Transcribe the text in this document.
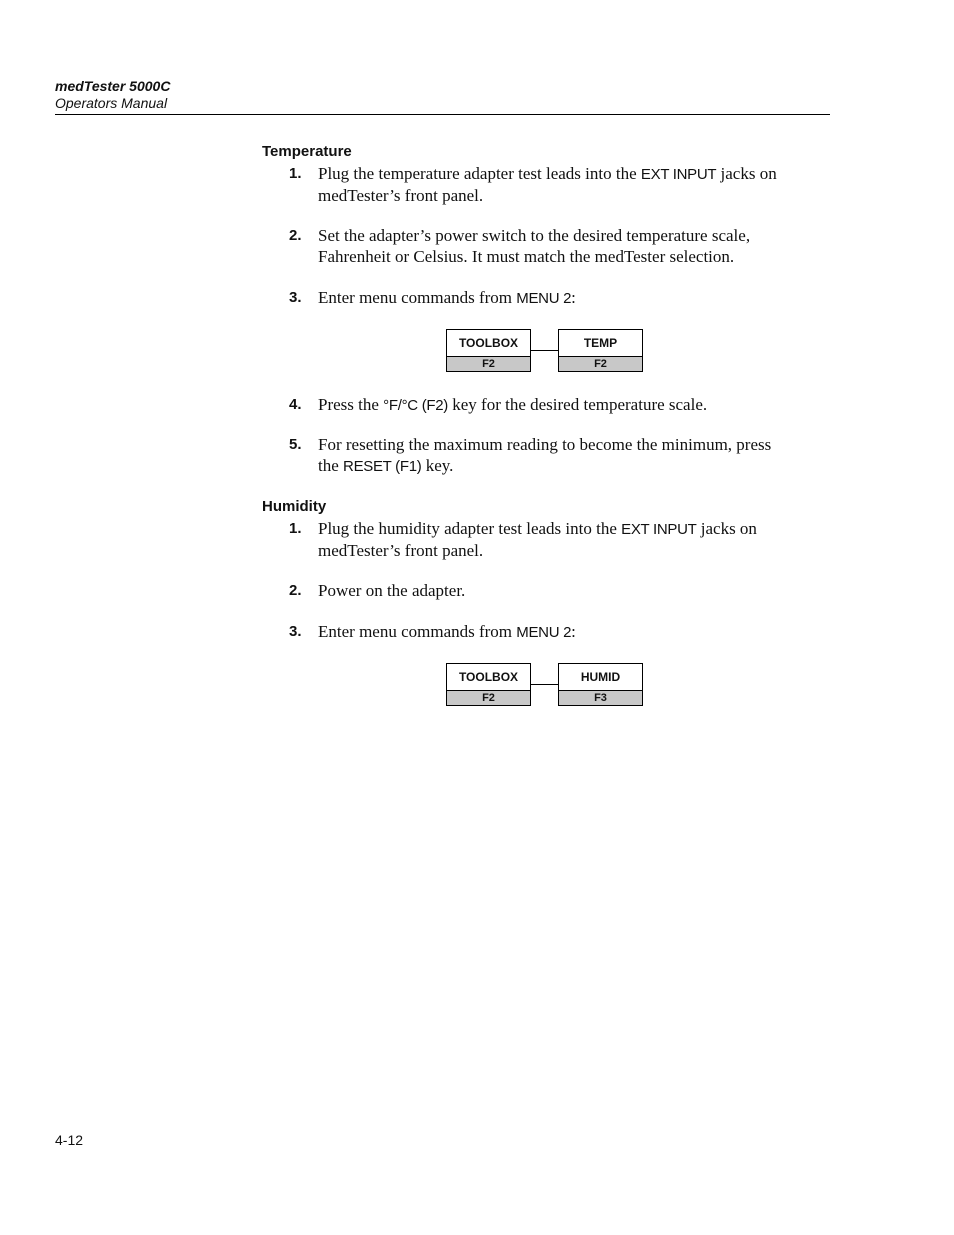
medTester 5000C
Operators Manual
Temperature
1. Plug the temperature adapter test leads into the EXT INPUT jacks on medTester’s front panel.
2. Set the adapter’s power switch to the desired temperature scale, Fahrenheit or Celsius. It must match the medTester selection.
3. Enter menu commands from MENU 2:
TOOLBOX
F2
TEMP
F2
4. Press the °F/°C (F2) key for the desired temperature scale.
5. For resetting the maximum reading to become the minimum, press the RESET (F1) key.
Humidity
1. Plug the humidity adapter test leads into the EXT INPUT jacks on medTester’s front panel.
2. Power on the adapter.
3. Enter menu commands from MENU 2:
TOOLBOX
F2
HUMID
F3
4-12
